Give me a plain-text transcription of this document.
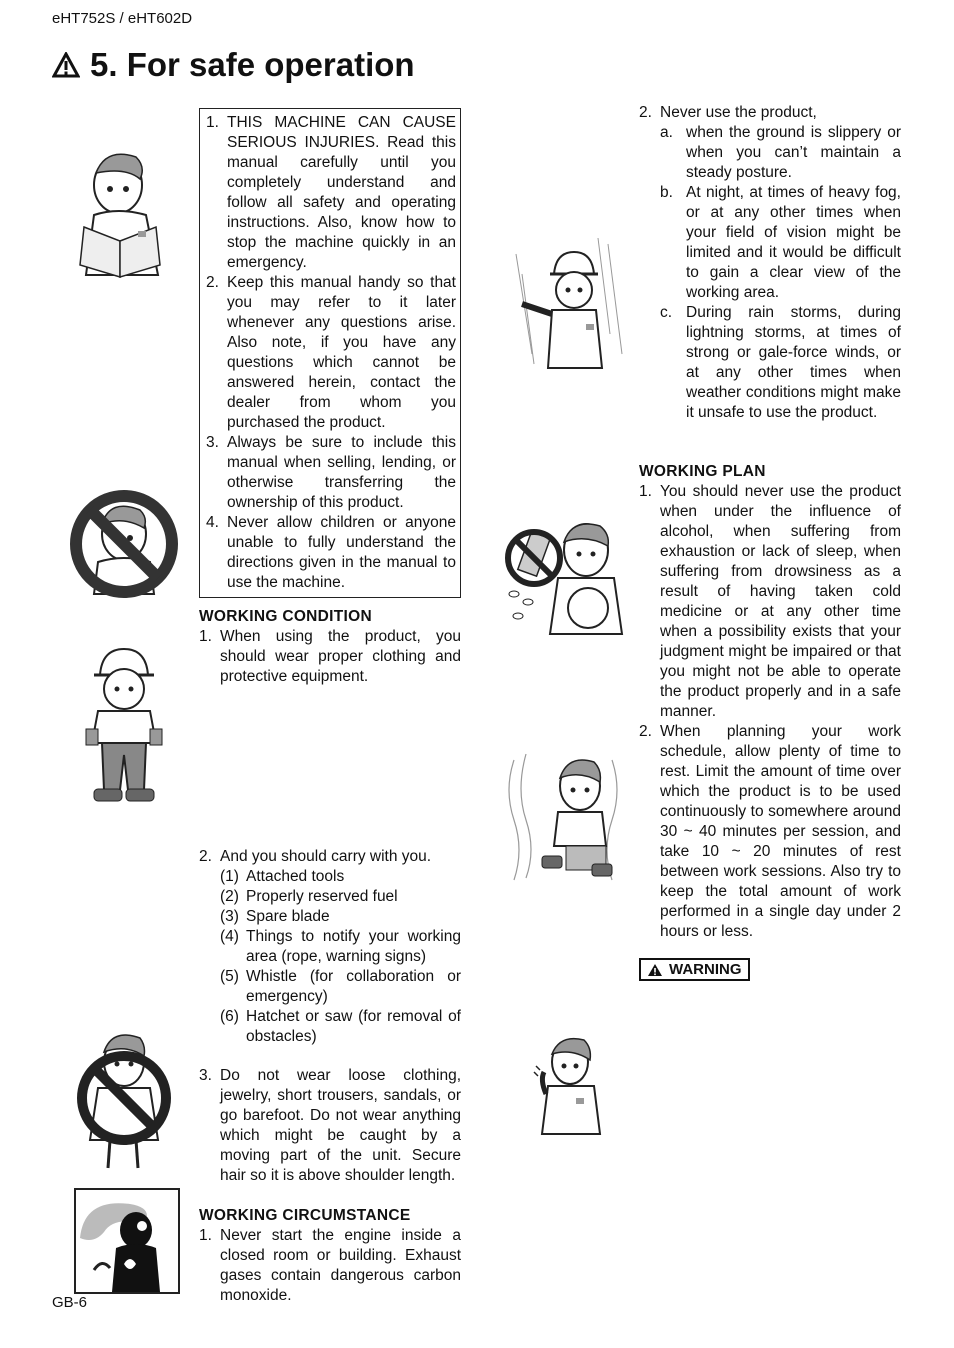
eHT752S / eHT602D
5. For safe operation
1. THIS MACHINE CAN CAUSE SERIOUS INJURIES. Read this manual carefully until you completely understand and follow all safety and operating instructions. Also, know how to stop the machine quickly in an emergency.
2. Keep this manual handy so that you may refer to it later whenever any questions arise. Also note, if you have any questions which cannot be answered herein, contact the dealer from whom you purchased the product.
3. Always be sure to include this manual when selling, lending, or otherwise transferring the ownership of this product.
4. Never allow children or anyone unable to fully understand the directions given in the manual to use the machine.
WORKING CONDITION
1. When using the product, you should wear proper clothing and protective equipment.
2. And you should carry with you.
(1) Attached tools
(2) Properly reserved fuel
(3) Spare blade
(4) Things to notify your working area (rope, warning signs)
(5) Whistle (for collaboration or emergency)
(6) Hatchet or saw (for removal of obstacles)
3. Do not wear loose clothing, jewelry, short trousers, sandals, or go barefoot. Do not wear anything which might be caught by a moving part of the unit. Secure hair so it is above shoulder length.
WORKING CIRCUMSTANCE
1. Never start the engine inside a closed room or building. Exhaust gases contain dangerous carbon monoxide.
2. Never use the product,
a. when the ground is slippery or when you can’t maintain a steady posture.
b. At night, at times of heavy fog, or at any other times when your field of vision might be limited and it would be difficult to gain a clear view of the working area.
c. During rain storms, during lightning storms, at times of strong or gale-force winds, or at any other times when weather conditions might make it unsafe to use the product.
WORKING PLAN
1. You should never use the product when under the influence of alcohol, when suffering from exhaustion or lack of sleep, when suffering from drowsiness as a result of having taken cold medicine or at any other time when a possibility exists that your judgment might be impaired or that you might not be able to operate the product properly and in a safe manner.
2. When planning your work schedule, allow plenty of time to rest. Limit the amount of time over which the product is to be used continuously to somewhere around 30 ~ 40 minutes per session, and take 10 ~ 20 minutes of rest between work sessions. Also try to keep the total amount of work performed in a single day under 2 hours or less.
WARNING
GB-6
